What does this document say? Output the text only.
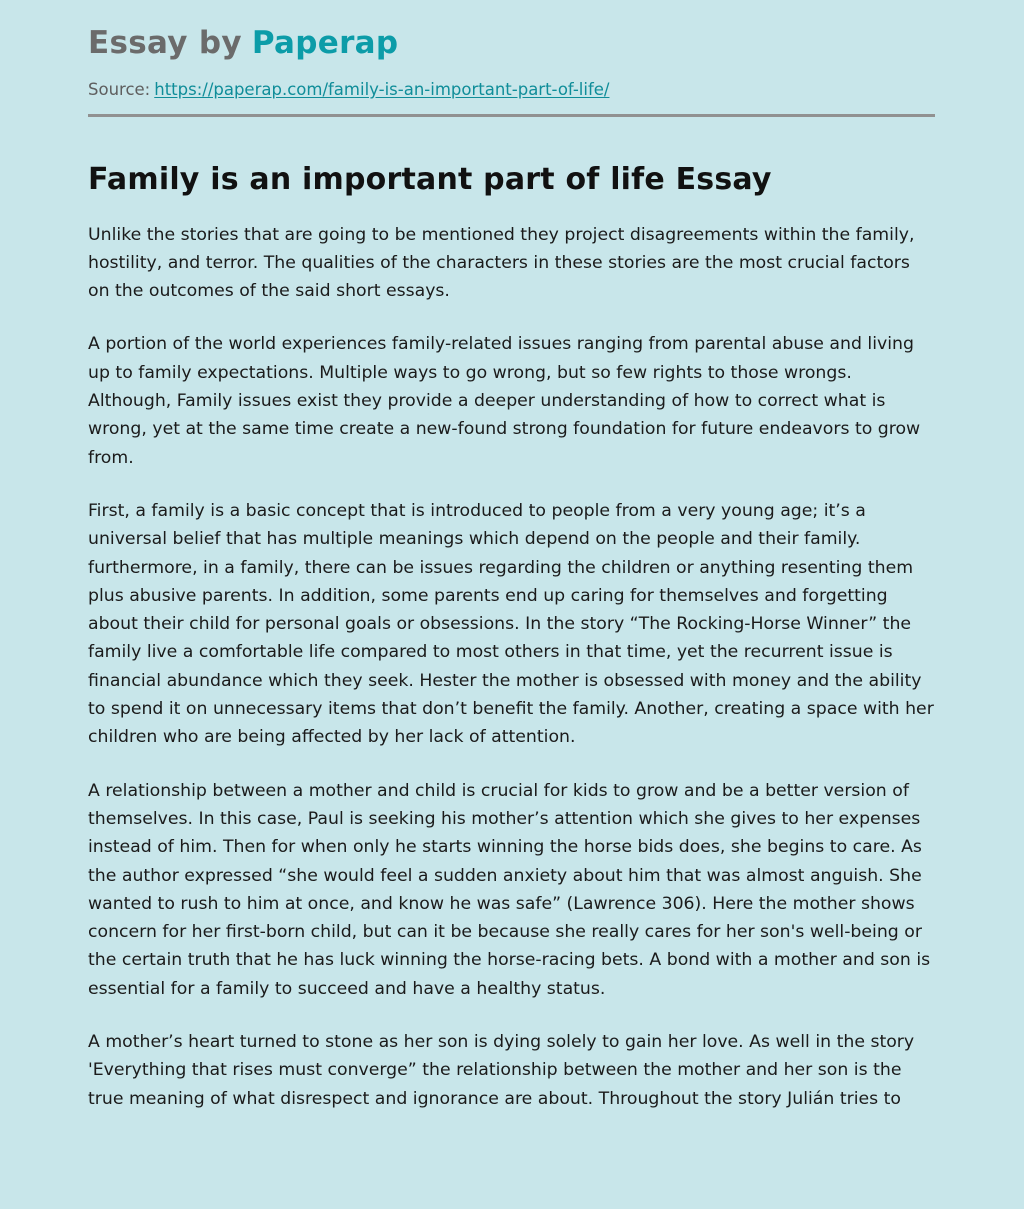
Essay by Paperap
Source: https://paperap.com/family-is-an-important-part-of-life/
Family is an important part of life Essay

Unlike the stories that are going to be mentioned they project disagreements within the family, hostility, and terror. The qualities of the characters in these stories are the most crucial factors on the outcomes of the said short essays.

A portion of the world experiences family-related issues ranging from parental abuse and living up to family expectations. Multiple ways to go wrong, but so few rights to those wrongs. Although, Family issues exist they provide a deeper understanding of how to correct what is wrong, yet at the same time create a new-found strong foundation for future endeavors to grow from.

First, a family is a basic concept that is introduced to people from a very young age; it’s a universal belief that has multiple meanings which depend on the people and their family. furthermore, in a family, there can be issues regarding the children or anything resenting them plus abusive parents. In addition, some parents end up caring for themselves and forgetting about their child for personal goals or obsessions. In the story “The Rocking-Horse Winner” the family live a comfortable life compared to most others in that time, yet the recurrent issue is financial abundance which they seek. Hester the mother is obsessed with money and the ability to spend it on unnecessary items that don’t benefit the family. Another, creating a space with her children who are being affected by her lack of attention.

A relationship between a mother and child is crucial for kids to grow and be a better version of themselves. In this case, Paul is seeking his mother’s attention which she gives to her expenses instead of him. Then for when only he starts winning the horse bids does, she begins to care. As the author expressed “she would feel a sudden anxiety about him that was almost anguish. She wanted to rush to him at once, and know he was safe” (Lawrence 306). Here the mother shows concern for her first-born child, but can it be because she really cares for her son's well-being or the certain truth that he has luck winning the horse-racing bets. A bond with a mother and son is essential for a family to succeed and have a healthy status.

A mother’s heart turned to stone as her son is dying solely to gain her love. As well in the story 'Everything that rises must converge” the relationship between the mother and her son is the true meaning of what disrespect and ignorance are about. Throughout the story Julián tries to
